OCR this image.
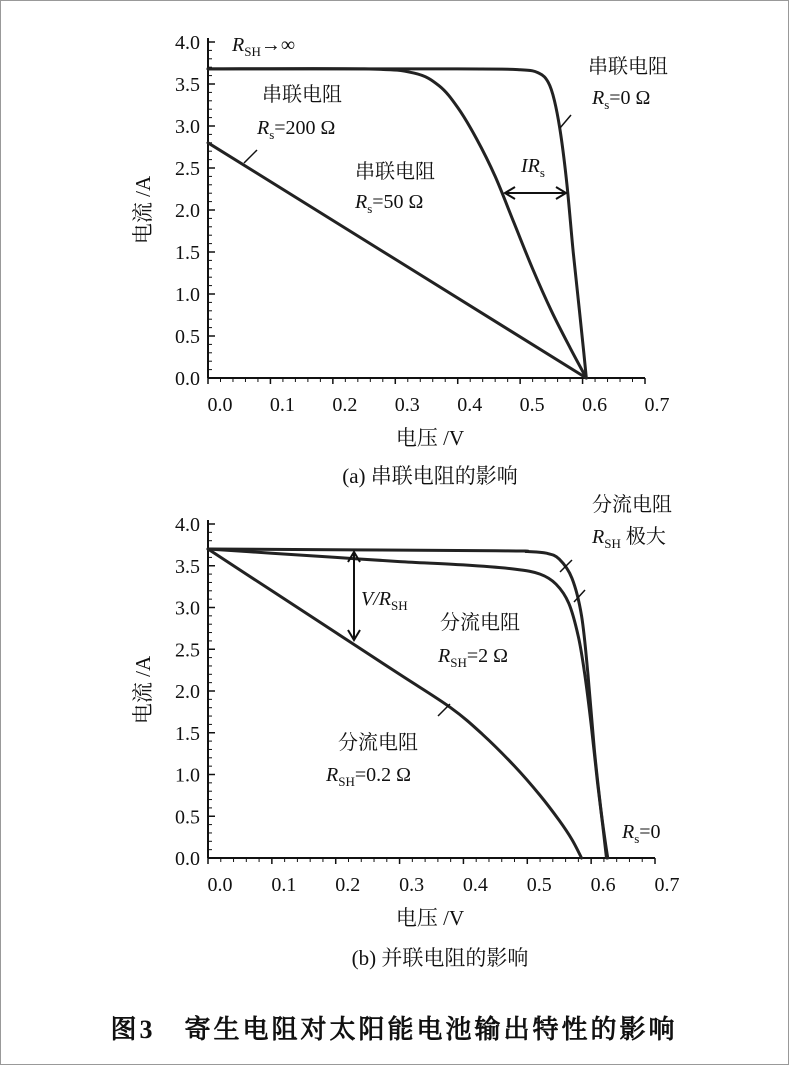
0.0 0.1 0.2 0.3 0.4 0.5 0.6 0.7
0.0
0.5
1.0
1.5
2.0
2.5
3.0
3.5
4.0
电流 /A
电压 /V
(a) 串联电阻的影响
$R_{SH}\to\infty$
串联电阻
$R_s=0$ Ω
串联电阻
$R_s=200$ Ω
串联电阻
$R_s=50$ Ω
$IR_s$
0.0 0.1 0.2 0.3 0.4 0.5 0.6 0.7
0.0
0.5
1.0
1.5
2.0
2.5
3.0
3.5
4.0
电流 /A
电压 /V
(b) 并联电阻的影响
分流电阻
$R_{SH}$ 极大
分流电阻
$R_{SH}=2$ Ω
分流电阻
$R_{SH}=0.2$ Ω
$V/R_{SH}$
$R_s=0$
图3　寄生电阻对太阳能电池输出特性的影响
